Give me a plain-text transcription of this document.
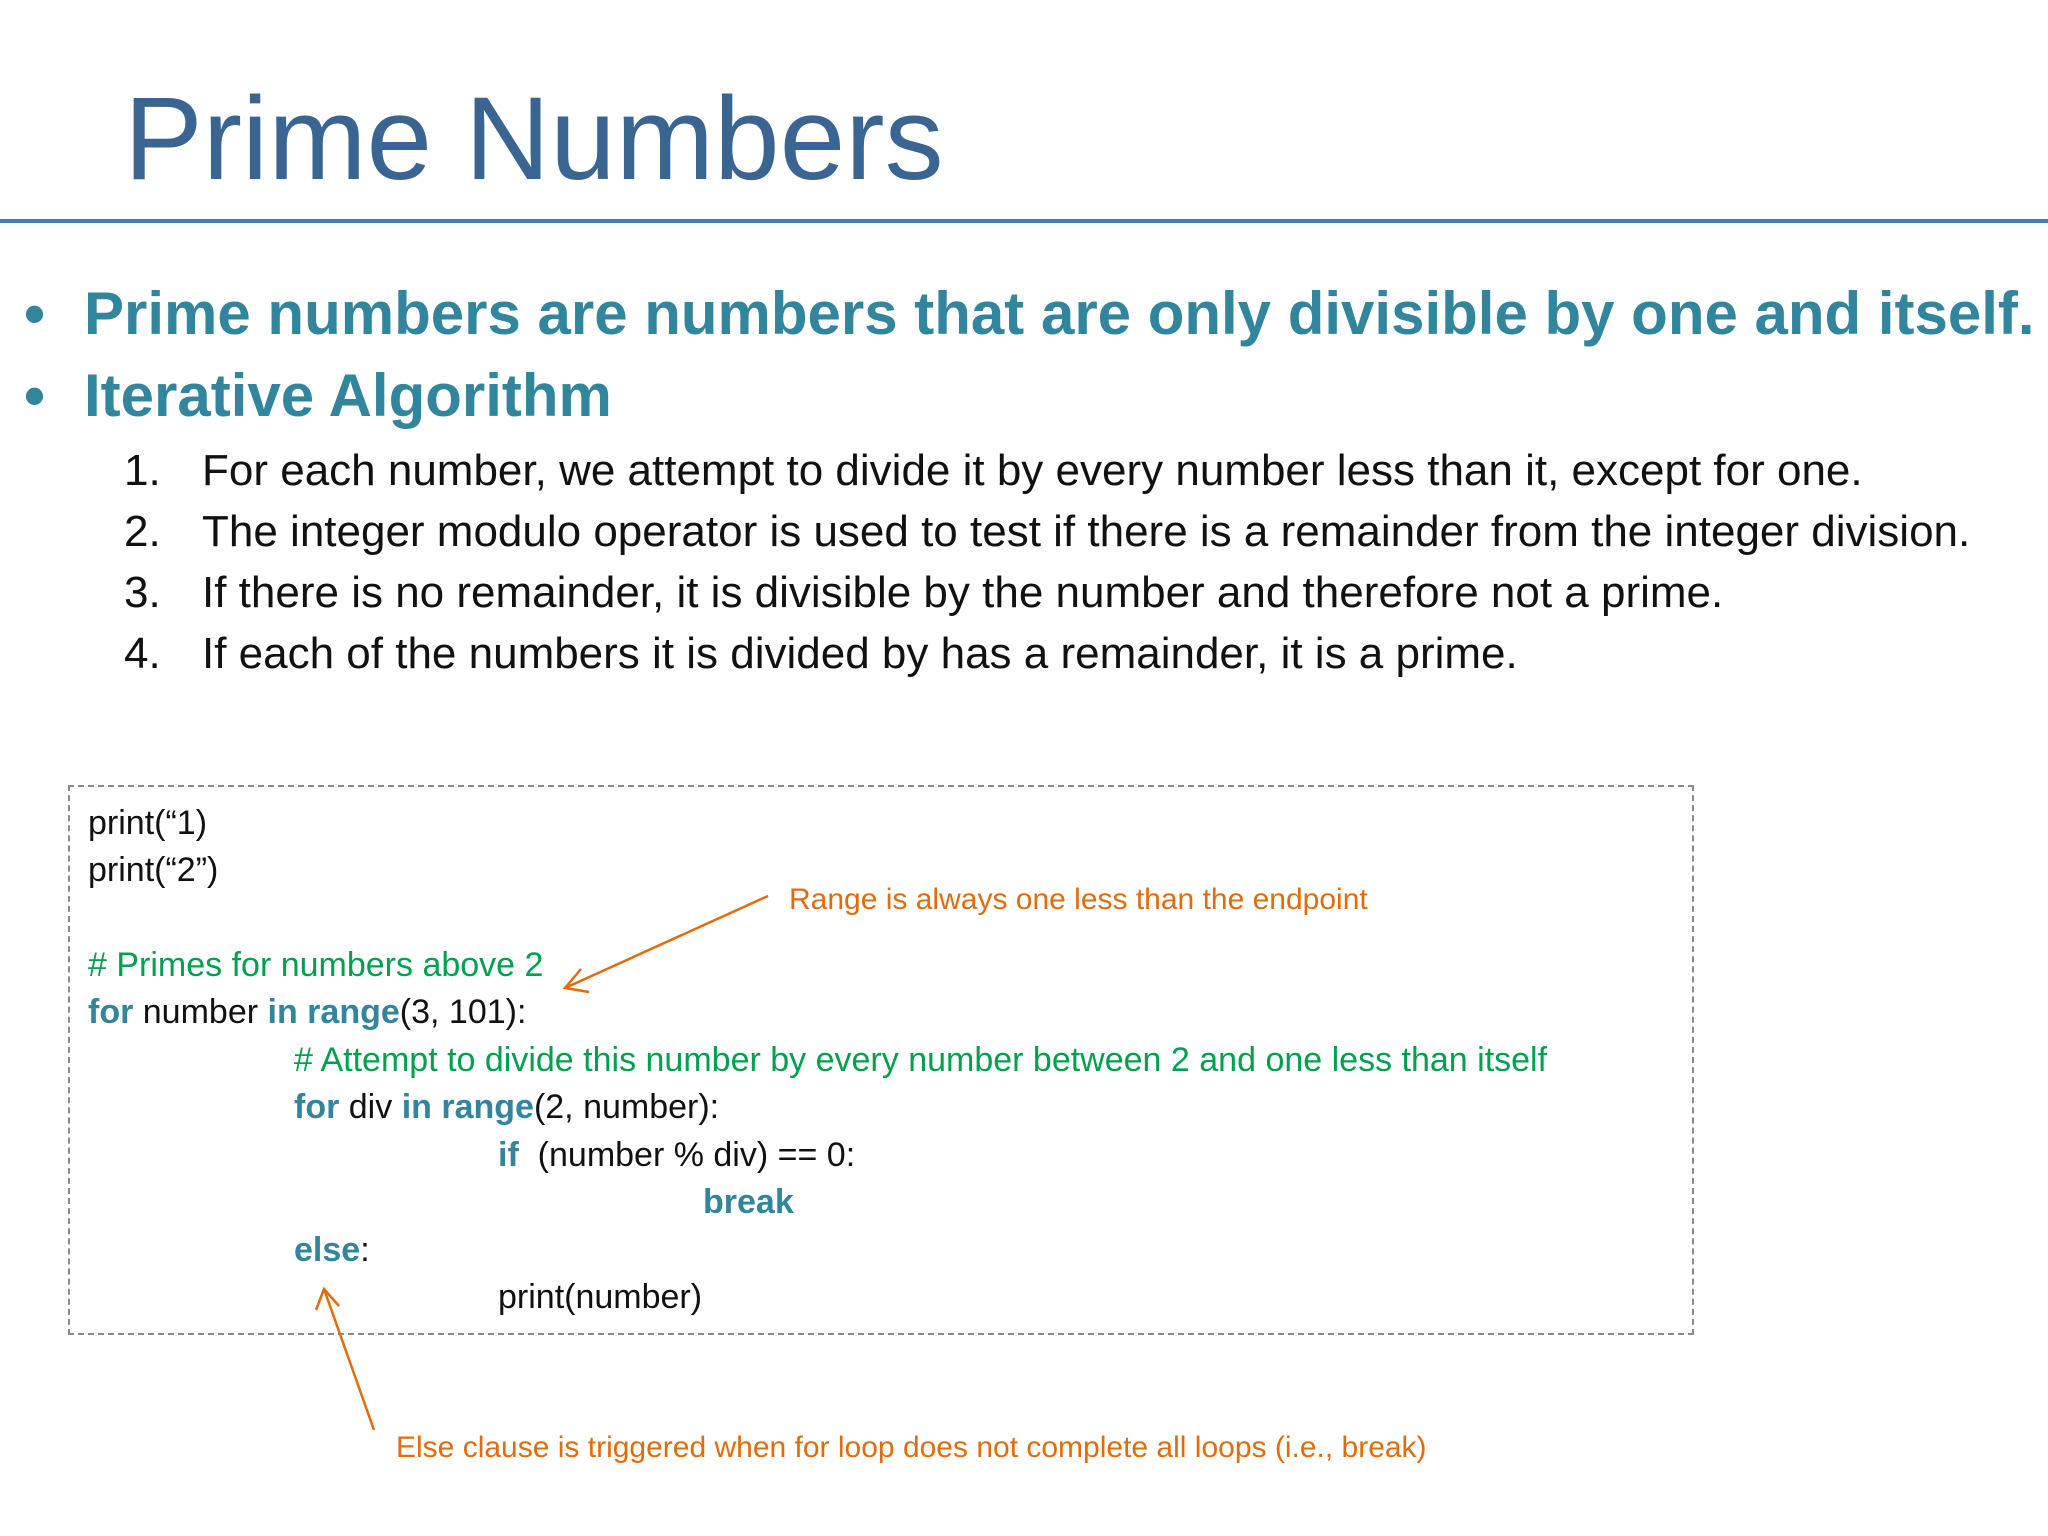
Prime Numbers
• Prime numbers are numbers that are only divisible by one and itself.
• Iterative Algorithm
1. For each number, we attempt to divide it by every number less than it, except for one.
2. The integer modulo operator is used to test if there is a remainder from the integer division.
3. If there is no remainder, it is divisible by the number and therefore not a prime.
4. If each of the numbers it is divided by has a remainder, it is a prime.
print(“1)
print(“2”)
# Primes for numbers above 2
for number in range(3, 101):
# Attempt to divide this number by every number between 2 and one less than itself
for div in range(2, number):
if  (number % div) == 0:
break
else:
print(number)
Range is always one less than the endpoint
Else clause is triggered when for loop does not complete all loops (i.e., break)
